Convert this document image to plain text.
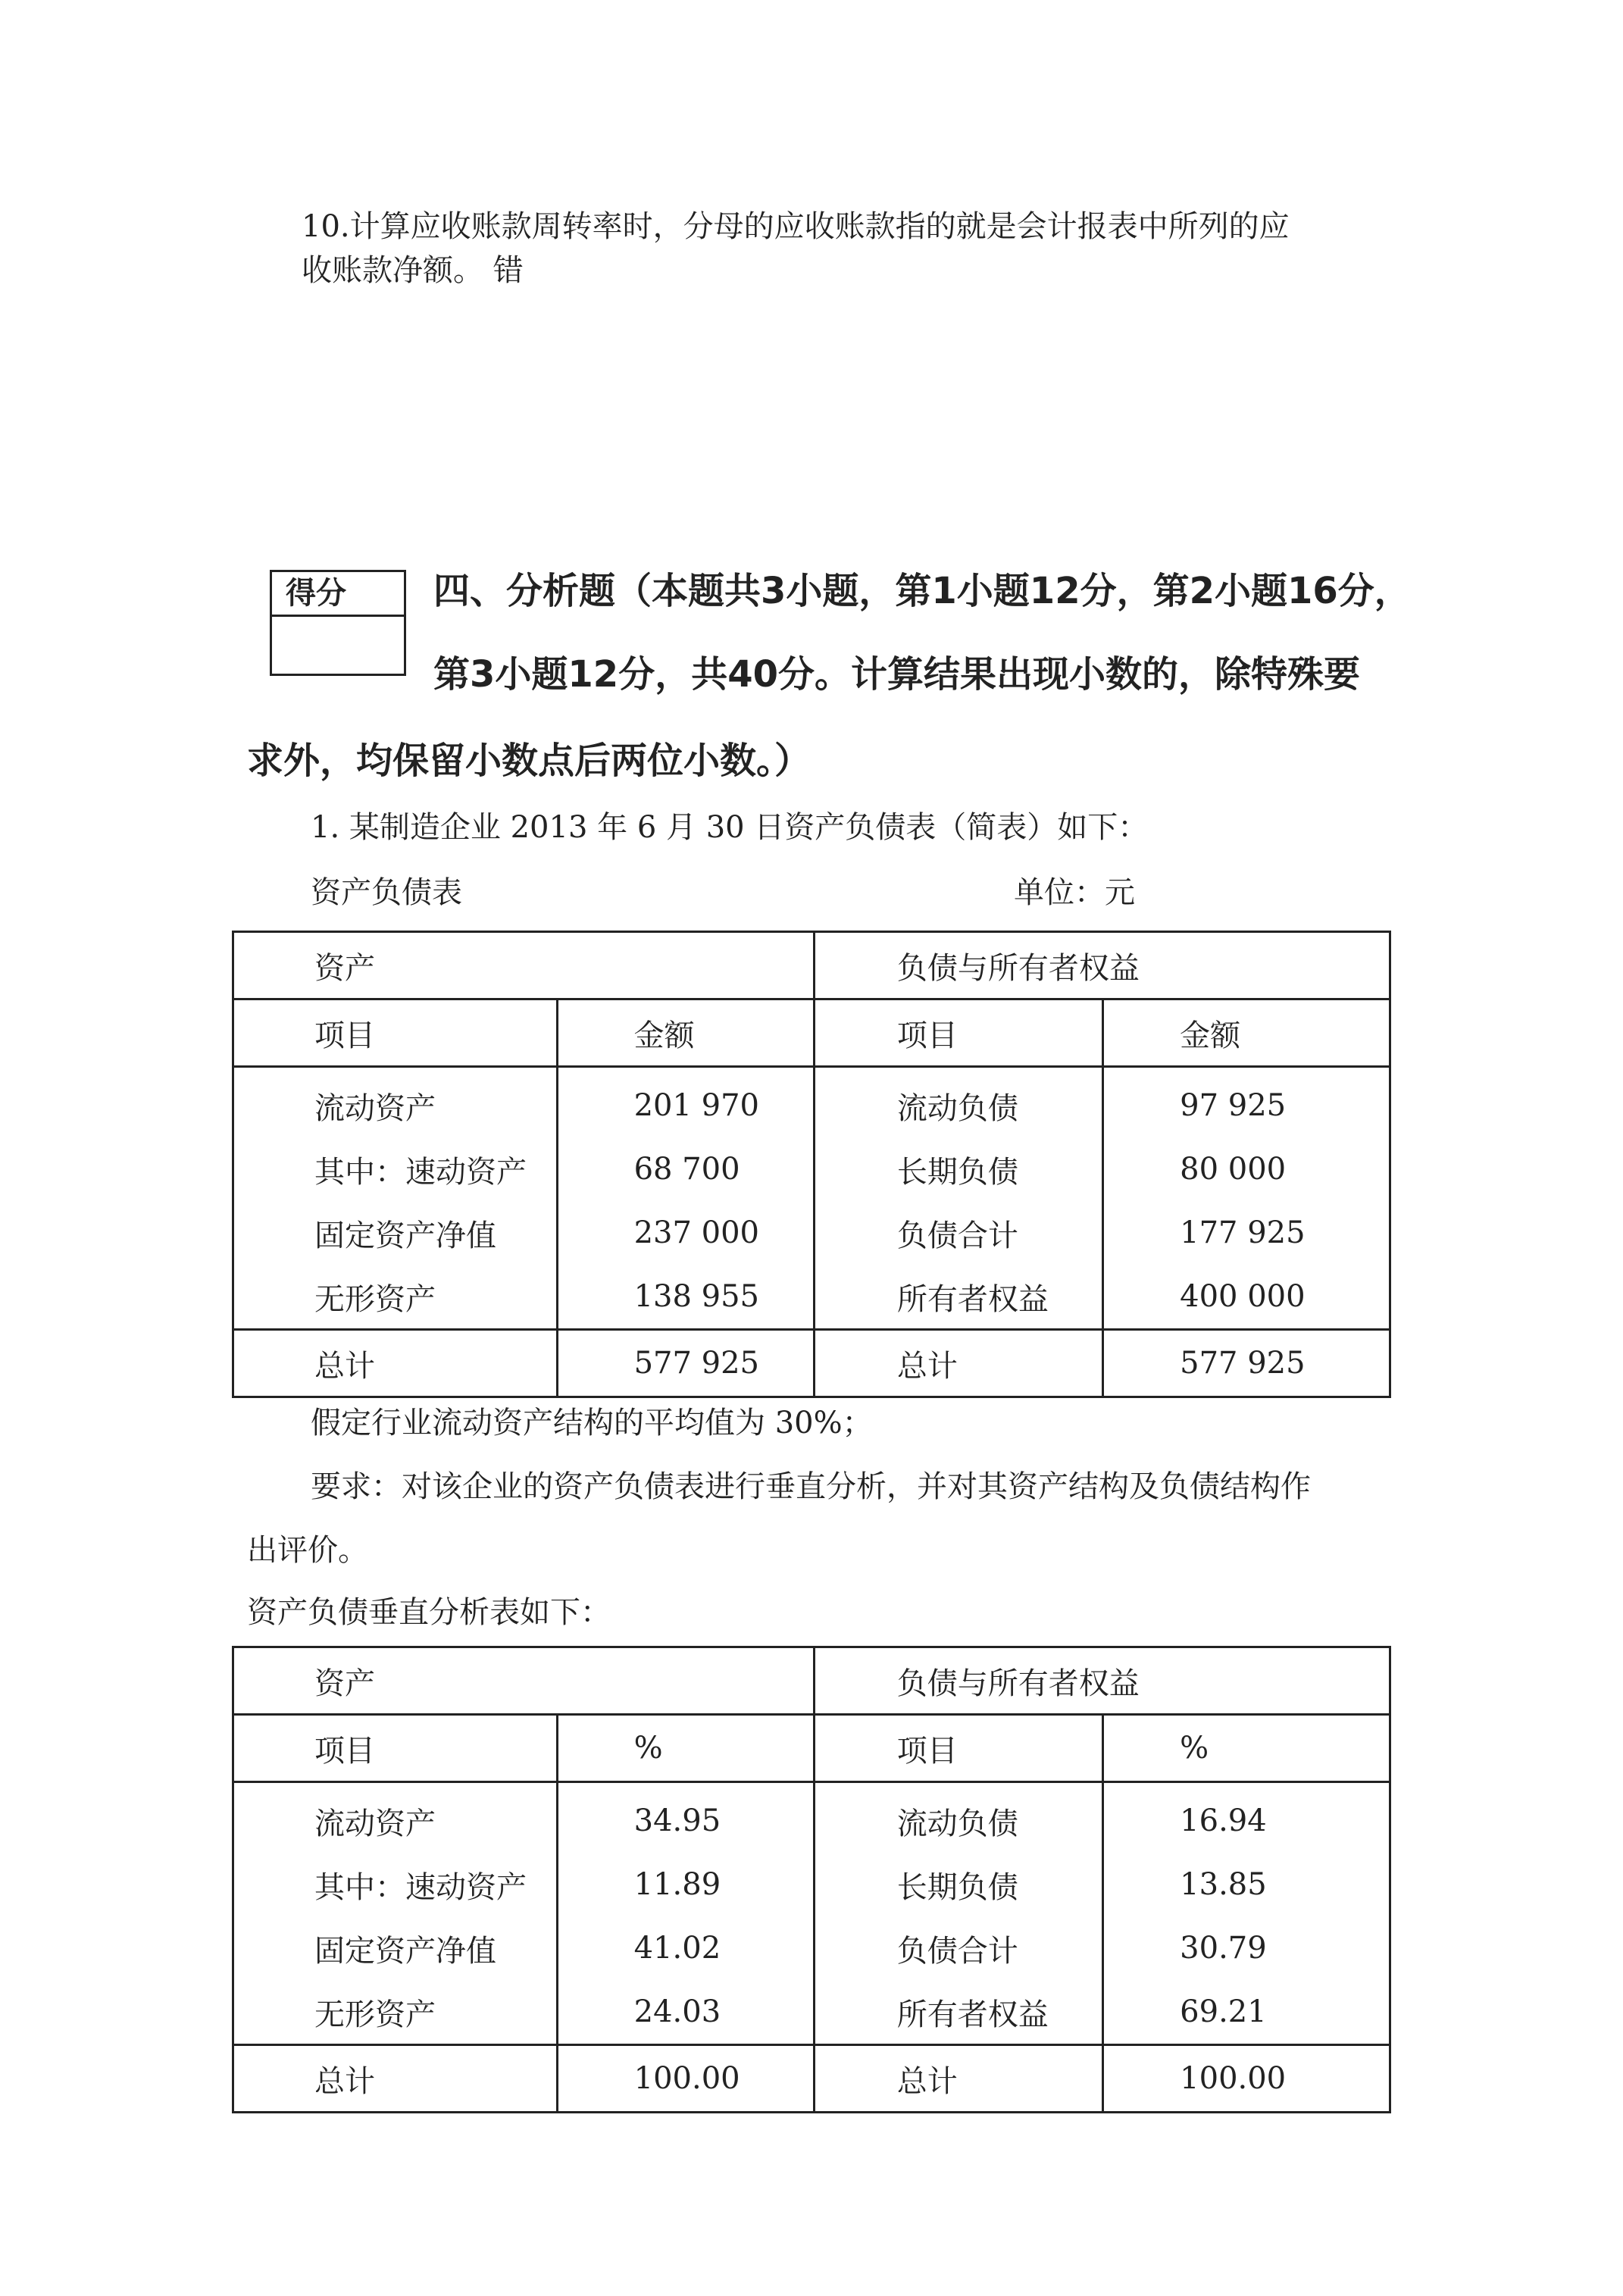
10.计算应收账款周转率时，分母的应收账款指的就是会计报表中所列的应
收账款净额。 错
得分	四、分析题（本题共3小题，第1小题12分，第2小题16分，
第3小题12分，共40分。计算结果出现小数的，除特殊要
求外，均保留小数点后两位小数。）
1. 某制造企业 2013 年 6 月 30 日资产负债表（简表）如下：
资产负债表	单位：元
资产		负债与所有者权益	
项目	金额	项目	金额
流动资产	201 970	流动负债	97 925
其中：速动资产	68 700	长期负债	80 000
固定资产净值	237 000	负债合计	177 925
无形资产	138 955	所有者权益	400 000
总计	577 925	总计	577 925
假定行业流动资产结构的平均值为 30%；
要求：对该企业的资产负债表进行垂直分析，并对其资产结构及负债结构作
出评价。
资产负债垂直分析表如下：
资产		负债与所有者权益	
项目	%	项目	%
流动资产	34.95	流动负债	16.94
其中：速动资产	11.89	长期负债	13.85
固定资产净值	41.02	负债合计	30.79
无形资产	24.03	所有者权益	69.21
总计	100.00	总计	100.00
